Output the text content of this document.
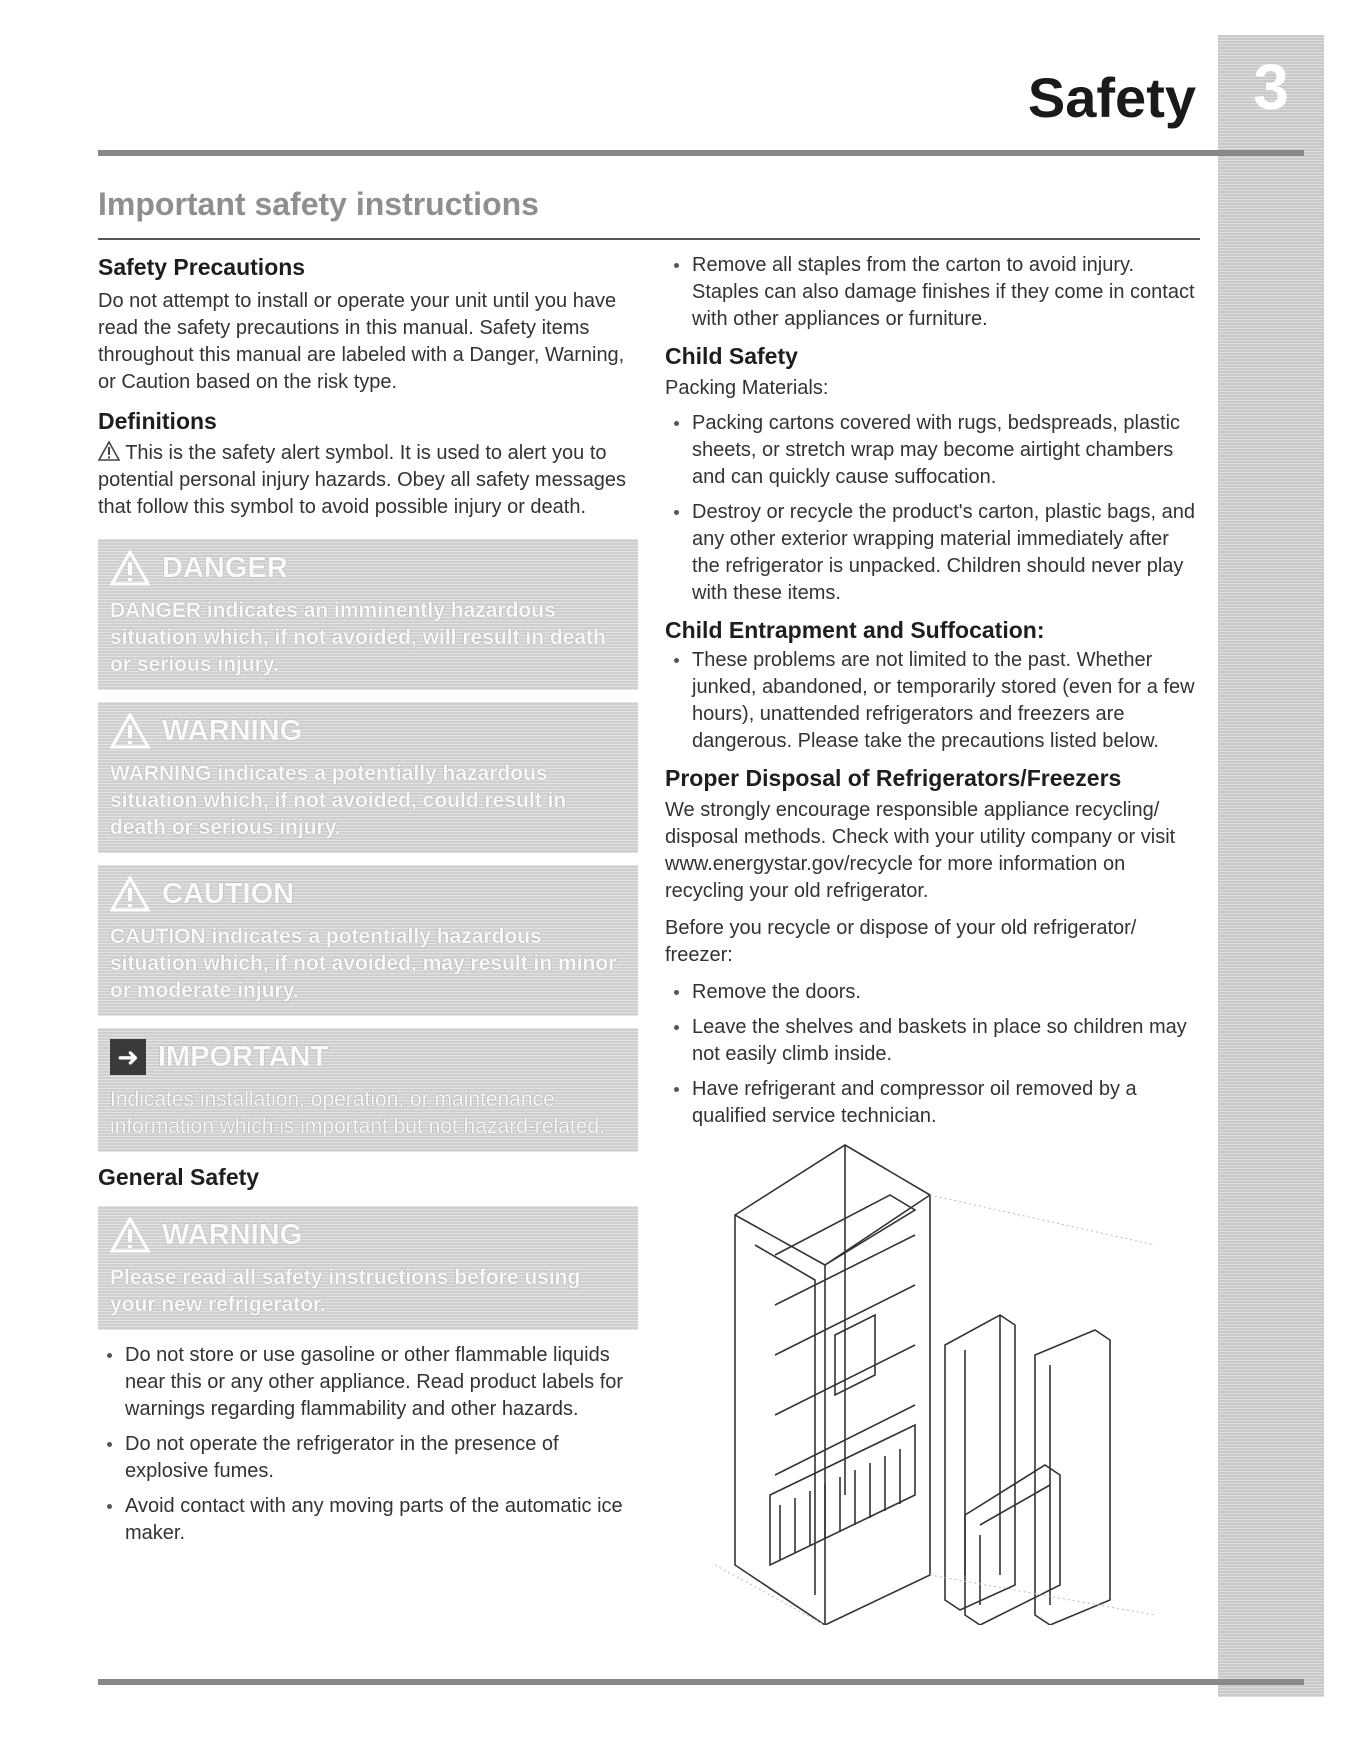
3
Safety
Important safety instructions
Safety Precautions

Do not attempt to install or operate your unit until you have read the safety precautions in this manual. Safety items throughout this manual are labeled with a Danger, Warning, or Caution based on the risk type.

Definitions

This is the safety alert symbol. It is used to alert you to potential personal injury hazards. Obey all safety messages that follow this symbol to avoid possible injury or death.

DANGER
DANGER indicates an imminently hazardous situation which, if not avoided, will result in death or serious injury.
WARNING
WARNING indicates a potentially hazardous situation which, if not avoided, could result in death or serious injury.
CAUTION
CAUTION indicates a potentially hazardous situation which, if not avoided, may result in minor or moderate injury.
➜ IMPORTANT
Indicates installation, operation, or maintenance information which is important but not hazard-related.
General Safety
WARNING
Please read all safety instructions before using your new refrigerator.
Do not store or use gasoline or other flammable liquids near this or any other appliance. Read product labels for warnings regarding flammability and other hazards.
Do not operate the refrigerator in the presence of explosive fumes.
Avoid contact with any moving parts of the automatic ice maker.
Remove all staples from the carton to avoid injury. Staples can also damage finishes if they come in contact with other appliances or furniture.
Child Safety

Packing Materials:

Packing cartons covered with rugs, bedspreads, plastic sheets, or stretch wrap may become airtight chambers and can quickly cause suffocation.
Destroy or recycle the product's carton, plastic bags, and any other exterior wrapping material immediately after the refrigerator is unpacked. Children should never play with these items.
Child Entrapment and Suffocation:
These problems are not limited to the past. Whether junked, abandoned, or temporarily stored (even for a few hours), unattended refrigerators and freezers are dangerous. Please take the precautions listed below.
Proper Disposal of Refrigerators/Freezers

We strongly encourage responsible appliance recycling/ disposal methods. Check with your utility company or visit www.energystar.gov/recycle for more information on recycling your old refrigerator.

Before you recycle or dispose of your old refrigerator/ freezer:

Remove the doors.
Leave the shelves and baskets in place so children may not easily climb inside.
Have refrigerant and compressor oil removed by a qualified service technician.
